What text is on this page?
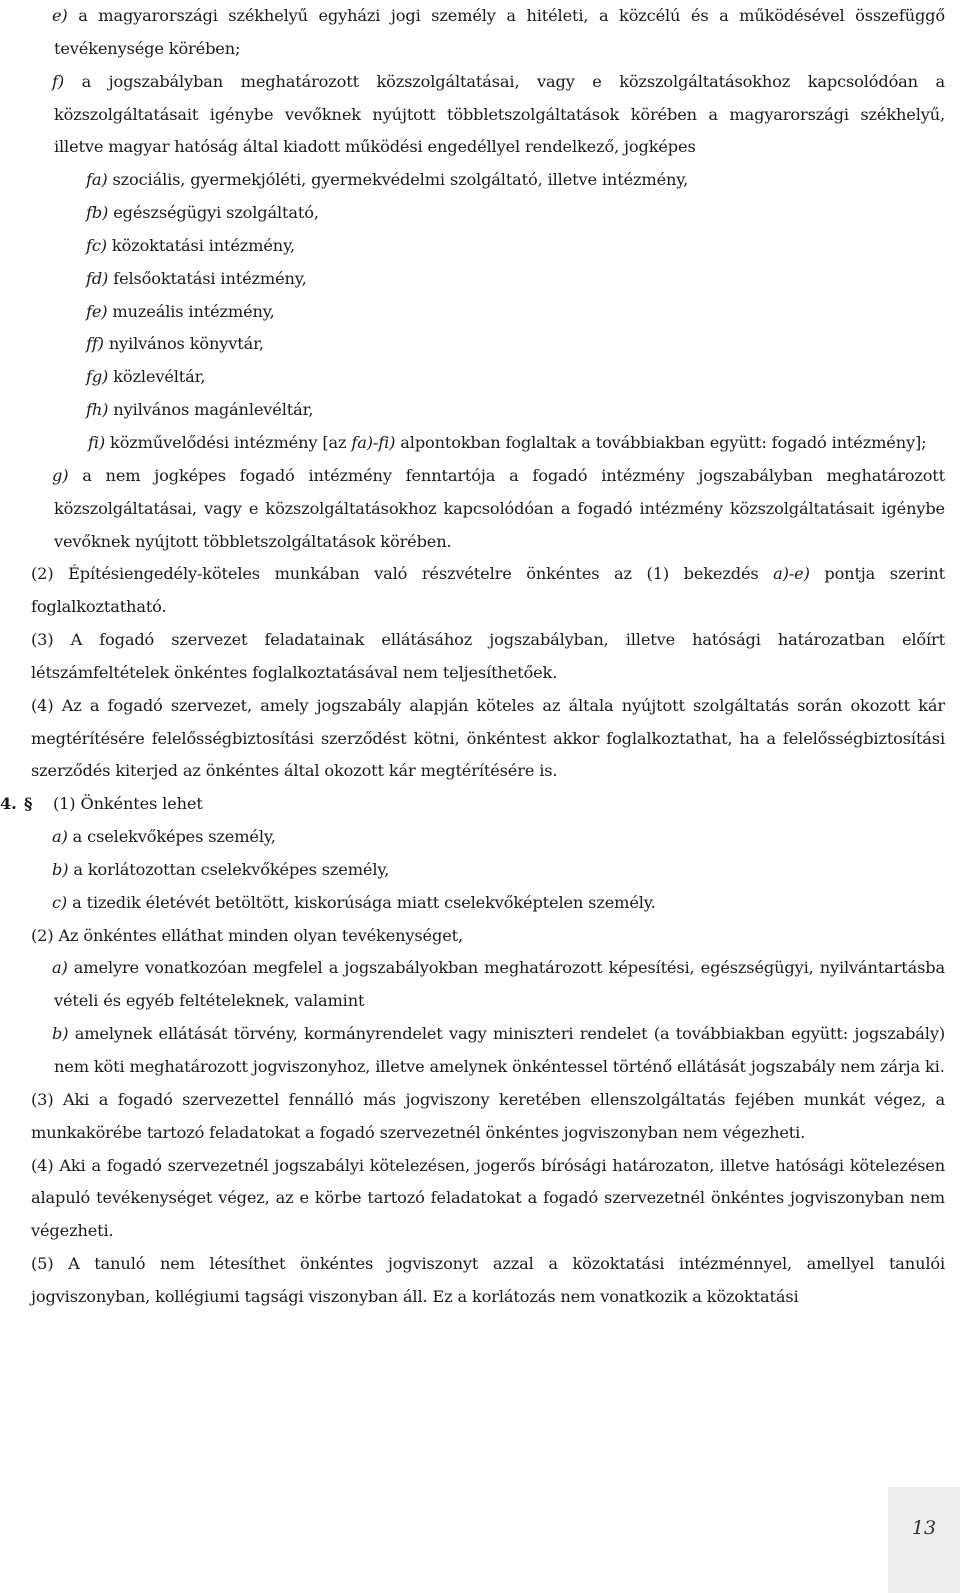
e) a magyarországi székhelyű egyházi jogi személy a hitéleti, a közcélú és a működésével összefüggő tevékenysége körében;

f) a jogszabályban meghatározott közszolgáltatásai, vagy e közszolgáltatásokhoz kapcsolódóan a közszolgáltatásait igénybe vevőknek nyújtott többletszolgáltatások körében a magyarországi székhelyű, illetve magyar hatóság által kiadott működési engedéllyel rendelkező, jogképes

fa) szociális, gyermekjóléti, gyermekvédelmi szolgáltató, illetve intézmény,

fb) egészségügyi szolgáltató,

fc) közoktatási intézmény,

fd) felsőoktatási intézmény,

fe) muzeális intézmény,

ff) nyilvános könyvtár,

fg) közlevéltár,

fh) nyilvános magánlevéltár,

fi) közművelődési intézmény [az fa)-fi) alpontokban foglaltak a továbbiakban együtt: fogadó intézmény];

g) a nem jogképes fogadó intézmény fenntartója a fogadó intézmény jogszabályban meghatározott közszolgáltatásai, vagy e közszolgáltatásokhoz kapcsolódóan a fogadó intézmény közszolgáltatásait igénybe vevőknek nyújtott többletszolgáltatások körében.

(2) Építésiengedély-köteles munkában való részvételre önkéntes az (1) bekezdés a)-e) pontja szerint foglalkoztatható.

(3) A fogadó szervezet feladatainak ellátásához jogszabályban, illetve hatósági határozatban előírt létszámfeltételek önkéntes foglalkoztatásával nem teljesíthetőek.

(4) Az a fogadó szervezet, amely jogszabály alapján köteles az általa nyújtott szolgáltatás során okozott kár megtérítésére felelősségbiztosítási szerződést kötni, önkéntest akkor foglalkoztathat, ha a felelősségbiztosítási szerződés kiterjed az önkéntes által okozott kár megtérítésére is.

4. § (1) Önkéntes lehet

a) a cselekvőképes személy,

b) a korlátozottan cselekvőképes személy,

c) a tizedik életévét betöltött, kiskorúsága miatt cselekvőképtelen személy.

(2) Az önkéntes elláthat minden olyan tevékenységet,

a) amelyre vonatkozóan megfelel a jogszabályokban meghatározott képesítési, egészségügyi, nyilvántartásba vételi és egyéb feltételeknek, valamint

b) amelynek ellátását törvény, kormányrendelet vagy miniszteri rendelet (a továbbiakban együtt: jogszabály) nem köti meghatározott jogviszonyhoz, illetve amelynek önkéntessel történő ellátását jogszabály nem zárja ki.

(3) Aki a fogadó szervezettel fennálló más jogviszony keretében ellenszolgáltatás fejében munkát végez, a munkakörébe tartozó feladatokat a fogadó szervezetnél önkéntes jogviszonyban nem végezheti.

(4) Aki a fogadó szervezetnél jogszabályi kötelezésen, jogerős bírósági határozaton, illetve hatósági kötelezésen alapuló tevékenységet végez, az e körbe tartozó feladatokat a fogadó szervezetnél önkéntes jogviszonyban nem végezheti.

(5) A tanuló nem létesíthet önkéntes jogviszonyt azzal a közoktatási intézménnyel, amellyel tanulói jogviszonyban, kollégiumi tagsági viszonyban áll. Ez a korlátozás nem vonatkozik a közoktatási

13
